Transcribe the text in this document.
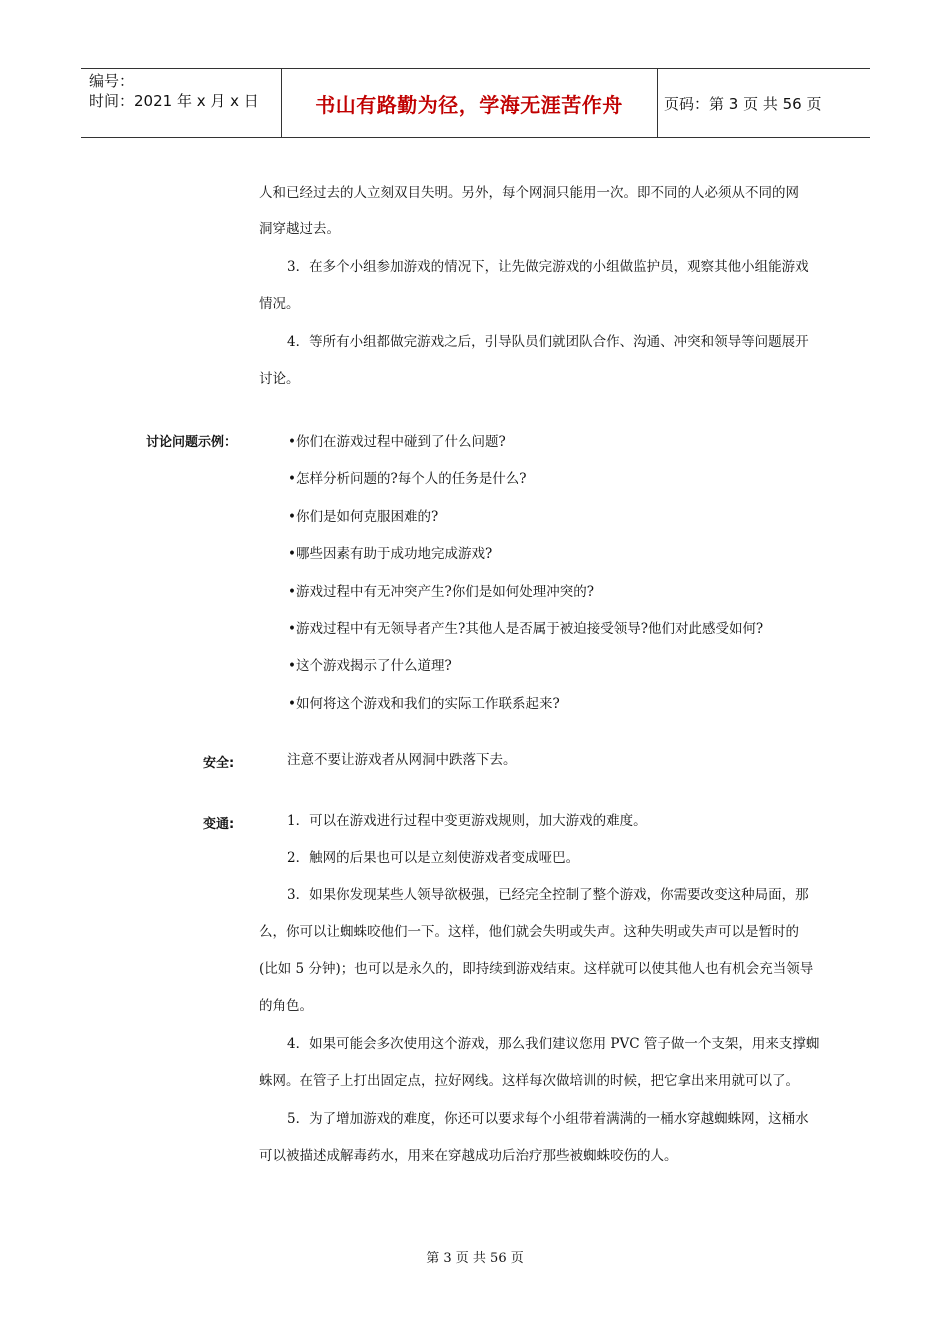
编号：
时间：2021 年 x 月 x 日	书山有路勤为径，学海无涯苦作舟	页码：第 3 页 共 56 页
人和已经过去的人立刻双目失明。另外，每个网洞只能用一次。即不同的人必须从不同的网
洞穿越过去。
3．在多个小组参加游戏的情况下，让先做完游戏的小组做监护员，观察其他小组能游戏
情况。
4．等所有小组都做完游戏之后，引导队员们就团队合作、沟通、冲突和领导等问题展开
讨论。
讨论问题示例：	•你们在游戏过程中碰到了什么问题?
•怎样分析问题的?每个人的任务是什么?
•你们是如何克服困难的?
•哪些因素有助于成功地完成游戏?
•游戏过程中有无冲突产生?你们是如何处理冲突的?
•游戏过程中有无领导者产生?其他人是否属于被迫接受领导?他们对此感受如何?
•这个游戏揭示了什么道理?
•如何将这个游戏和我们的实际工作联系起来?
安全:	注意不要让游戏者从网洞中跌落下去。
变通:	1．可以在游戏进行过程中变更游戏规则，加大游戏的难度。
2．触网的后果也可以是立刻使游戏者变成哑巴。
3．如果你发现某些人领导欲极强，已经完全控制了整个游戏，你需要改变这种局面，那
么，你可以让蜘蛛咬他们一下。这样，他们就会失明或失声。这种失明或失声可以是暂时的
(比如 5 分钟)；也可以是永久的，即持续到游戏结束。这样就可以使其他人也有机会充当领导
的角色。
4．如果可能会多次使用这个游戏，那么我们建议您用 PVC 管子做一个支架，用来支撑蜘
蛛网。在管子上打出固定点，拉好网线。这样每次做培训的时候，把它拿出来用就可以了。
5．为了增加游戏的难度，你还可以要求每个小组带着满满的一桶水穿越蜘蛛网，这桶水
可以被描述成解毒药水，用来在穿越成功后治疗那些被蜘蛛咬伤的人。
第 3 页 共 56 页
